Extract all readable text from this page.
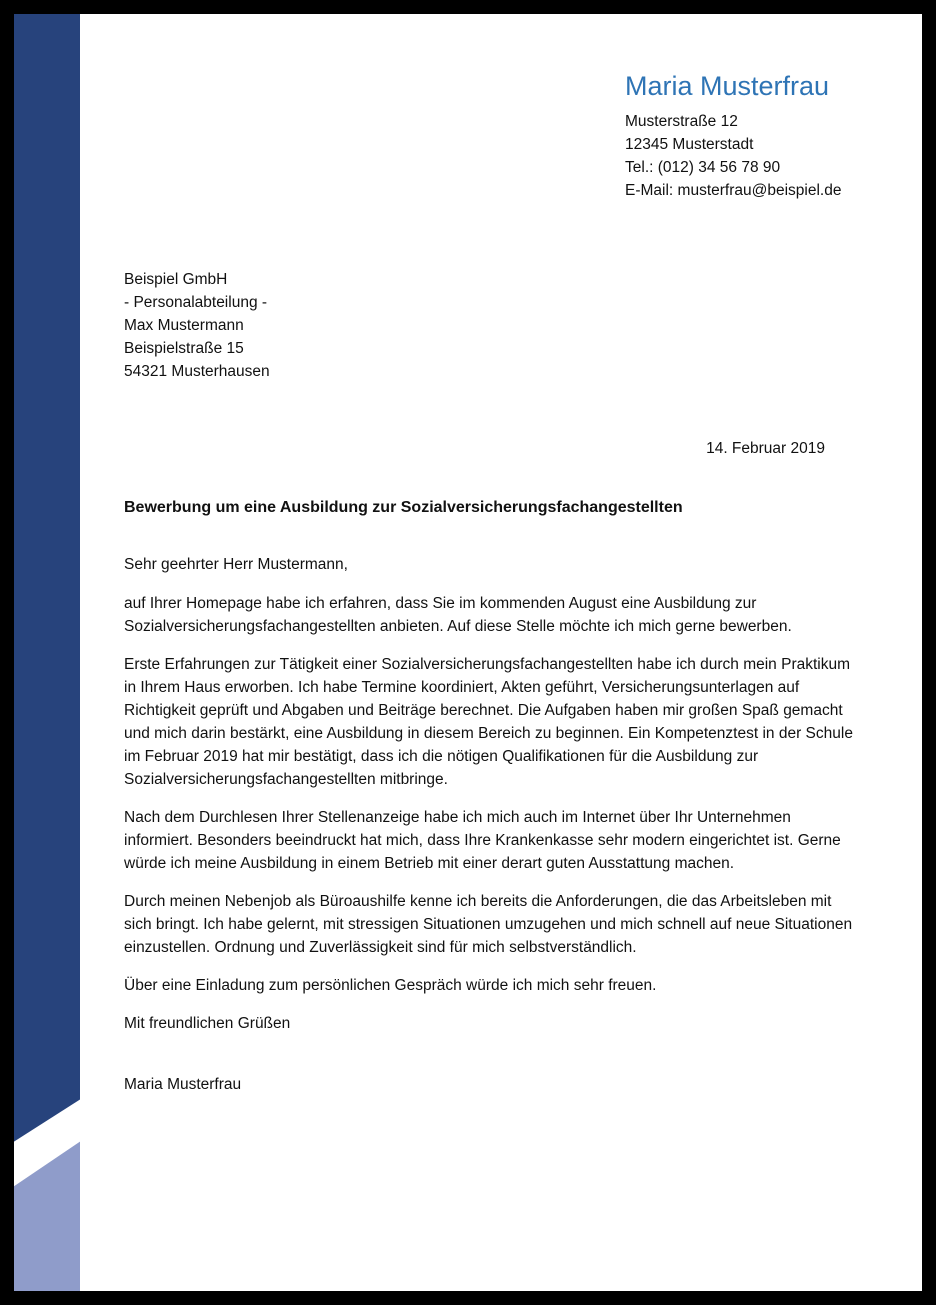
Maria Musterfrau

Musterstraße 12

12345 Musterstadt

Tel.: (012) 34 56 78 90

E-Mail: musterfrau@beispiel.de

Beispiel GmbH

- Personalabteilung -

Max Mustermann

Beispielstraße 15

54321 Musterhausen

14. Februar 2019

Bewerbung um eine Ausbildung zur Sozialversicherungsfachangestellten

Sehr geehrter Herr Mustermann,

auf Ihrer Homepage habe ich erfahren, dass Sie im kommenden August eine Ausbildung zur Sozialversicherungsfachangestellten anbieten. Auf diese Stelle möchte ich mich gerne bewerben.

Erste Erfahrungen zur Tätigkeit einer Sozialversicherungsfachangestellten habe ich durch mein Praktikum in Ihrem Haus erworben. Ich habe Termine koordiniert, Akten geführt, Versicherungsunterlagen auf Richtigkeit geprüft und Abgaben und Beiträge berechnet. Die Aufgaben haben mir großen Spaß gemacht und mich darin bestärkt, eine Ausbildung in diesem Bereich zu beginnen. Ein Kompetenztest in der Schule im Februar 2019 hat mir bestätigt, dass ich die nötigen Qualifikationen für die Ausbildung zur Sozialversicherungsfachangestellten mitbringe.

Nach dem Durchlesen Ihrer Stellenanzeige habe ich mich auch im Internet über Ihr Unternehmen informiert. Besonders beeindruckt hat mich, dass Ihre Krankenkasse sehr modern eingerichtet ist. Gerne würde ich meine Ausbildung in einem Betrieb mit einer derart guten Ausstattung machen.

Durch meinen Nebenjob als Büroaushilfe kenne ich bereits die Anforderungen, die das Arbeitsleben mit sich bringt. Ich habe gelernt, mit stressigen Situationen umzugehen und mich schnell auf neue Situationen einzustellen. Ordnung und Zuverlässigkeit sind für mich selbstverständlich.

Über eine Einladung zum persönlichen Gespräch würde ich mich sehr freuen.

Mit freundlichen Grüßen

Maria Musterfrau
